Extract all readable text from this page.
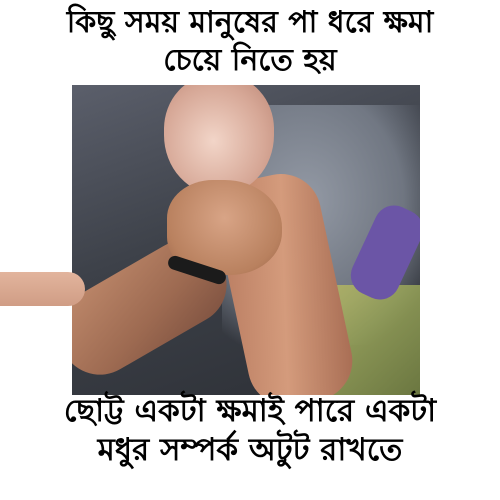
কিছু সময় মানুষের পা ধরে ক্ষমা
চেয়ে নিতে হয়
ছোট্ট একটা ক্ষমাই পারে একটা
মধুর সম্পর্ক অটুট রাখতে
